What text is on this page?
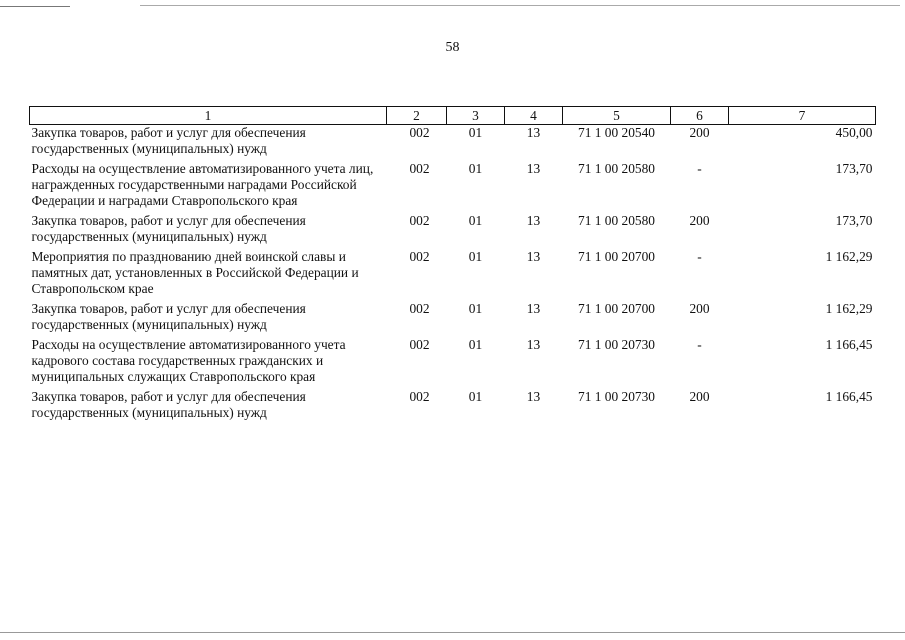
58
1	2	3	4	5	6	7
Закупка товаров, работ и услуг для обеспечения государственных (муниципальных) нужд	002	01	13	71 1 00 20540	200	450,00
Расходы на осуществление автоматизированного учета лиц, награжденных государственными наградами Российской Федерации и наградами Ставропольского края	002	01	13	71 1 00 20580	-	173,70
Закупка товаров, работ и услуг для обеспечения государственных (муниципальных) нужд	002	01	13	71 1 00 20580	200	173,70
Мероприятия по празднованию дней воинской славы и памятных дат, установленных в Российской Федерации и Ставропольском крае	002	01	13	71 1 00 20700	-	1 162,29
Закупка товаров, работ и услуг для обеспечения государственных (муниципальных) нужд	002	01	13	71 1 00 20700	200	1 162,29
Расходы на осуществление автоматизированного учета кадрового состава государственных гражданских и муниципальных служащих Ставропольского края	002	01	13	71 1 00 20730	-	1 166,45
Закупка товаров, работ и услуг для обеспечения государственных (муниципальных) нужд	002	01	13	71 1 00 20730	200	1 166,45
